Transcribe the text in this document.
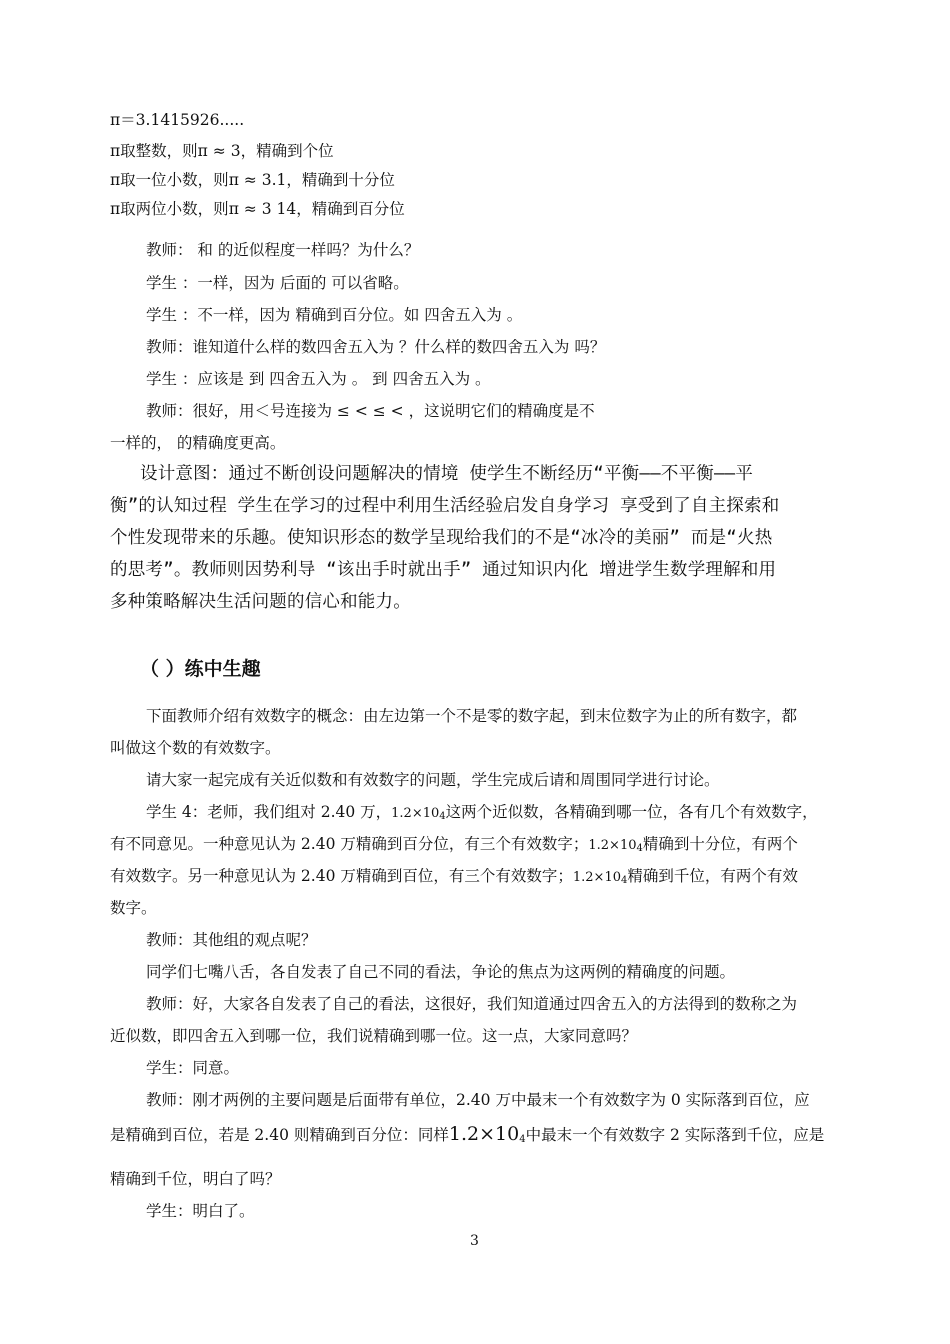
π＝3.1415926.....
π取整数，则π ≈ 3，精确到个位
π取一位小数，则π ≈ 3.1，精确到十分位
π取两位小数，则π ≈ 3 14，精确到百分位
教师： 和 的近似程度一样吗？为什么？
学生 ：一样，因为 后面的 可以省略。
学生 ：不一样，因为 精确到百分位。如 四舍五入为 。
教师：谁知道什么样的数四舍五入为 ？什么样的数四舍五入为 吗？
学生 ：应该是 到 四舍五入为 。 到 四舍五入为 。
教师：很好，用＜号连接为 ≤ < ≤ < ，这说明它们的精确度是不
一样的， 的精确度更高。
设计意图：通过不断创设问题解决的情境 使学生不断经历“平衡——不平衡——平
衡”的认知过程 学生在学习的过程中利用生活经验启发自身学习 享受到了自主探索和
个性发现带来的乐趣。使知识形态的数学呈现给我们的不是“冰冷的美丽” 而是“火热
的思考”。教师则因势利导 “该出手时就出手” 通过知识内化 增进学生数学理解和用
多种策略解决生活问题的信心和能力。
（ ）练中生趣
下面教师介绍有效数字的概念：由左边第一个不是零的数字起，到末位数字为止的所有数字，都
叫做这个数的有效数字。
请大家一起完成有关近似数和有效数字的问题，学生完成后请和周围同学进行讨论。
学生 4：老师，我们组对 2.40 万，1.2×104这两个近似数，各精确到哪一位，各有几个有效数字，
有不同意见。一种意见认为 2.40 万精确到百分位，有三个有效数字；1.2×104精确到十分位，有两个
有效数字。另一种意见认为 2.40 万精确到百位，有三个有效数字；1.2×104精确到千位，有两个有效
数字。
教师：其他组的观点呢？
同学们七嘴八舌，各自发表了自己不同的看法，争论的焦点为这两例的精确度的问题。
教师：好，大家各自发表了自己的看法，这很好，我们知道通过四舍五入的方法得到的数称之为
近似数，即四舍五入到哪一位，我们说精确到哪一位。这一点，大家同意吗？
学生：同意。
教师：刚才两例的主要问题是后面带有单位，2.40 万中最末一个有效数字为 0 实际落到百位，应
是精确到百位，若是 2.40 则精确到百分位：同样1.2×104中最末一个有效数字 2 实际落到千位，应是
精确到千位，明白了吗？
学生：明白了。
3
